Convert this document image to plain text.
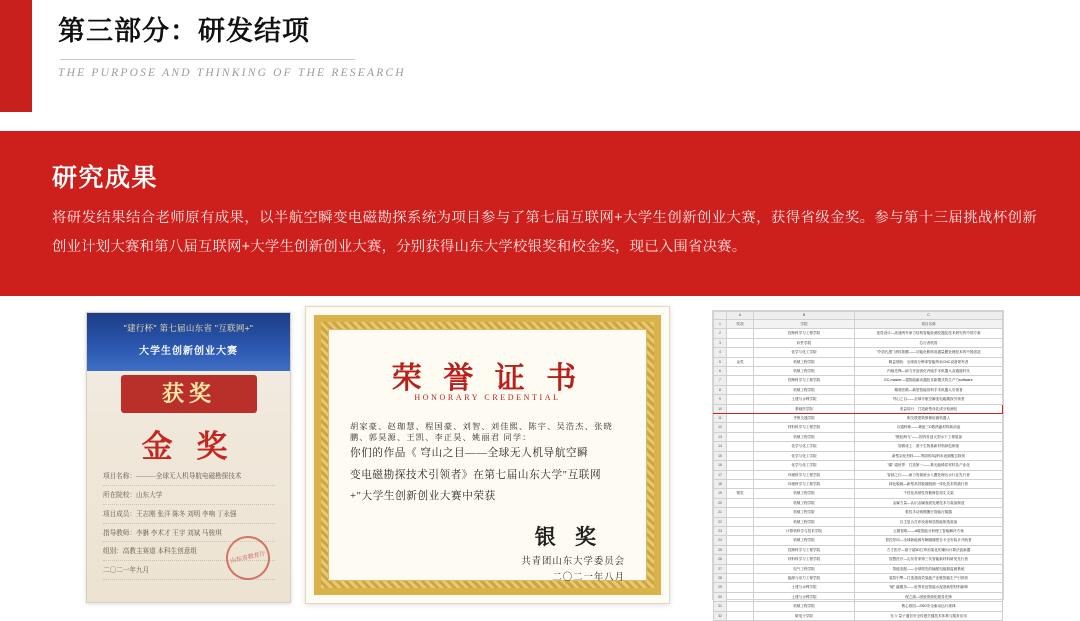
第三部分：研发结项
THE PURPOSE AND THINKING OF THE RESEARCH
研究成果
将研发结果结合老师原有成果，以半航空瞬变电磁勘探系统为项目参与了第七届互联网+大学生创新创业大赛，获得省级金奖。参与第十三届挑战杯创新创业计划大赛和第八届互联网+大学生创新创业大赛，分别获得山东大学校银奖和校金奖，现已入围省决赛。
"建行杯" 第七届山东省 "互联网+"
大学生创新创业大赛
获奖
金 奖
项目名称：———全球无人机导航电磁勘探技术
所在院校：山东大学
项目成员：王志刚 张洋 陈冬 刘明 李响 丁永强
指导教师：李貅 李术才 王宇 刘斌 马骏琪
组别：高教主赛道 本科生创意组
二〇二一年九月
山东省教育厅
荣 誉 证 书
HONORARY CREDENTIAL
胡家豪、赵珈慧、程国豪、刘智、刘佳熙、陈宇、吴浩杰、张晓鹏、郭昊源、王凯、李正昊、姚丽君 同学：
你们的作品《 穹山之目——全球无人机导航空瞬
变电磁勘探技术引领者》在第七届山东大学"互联网
+"大学生创新创业大赛中荣获
银 奖
共青团山东大学委员会
二〇二一年八月
	A	B	C
1	奖项	学院	项目名称
2		控制科学与工程学院	视觉设计—高速列车承力结构智能检测仪器及技术研究的中国方案
3		软件学院	芯行者机智
4		化学与化工学院	"介质孔感" 固体基膜——功能化修饰高通量膜处理技术的中国创造
5	金奖	机械工程学院	精益领航：全球高分辨率智能纳米CNC设备领军者
6		机械工程学院	内镜先锋—助力开创消化内镜手术机器人双通道时代
7		控制科学与工程学院	EC-master—超智能驱动器技术新模式的生产力software
8		机械工程学院	精准医路—新型智能骨科手术机器人引领者
9		土建与水利学院	穹山之目——全球半航空瞬变电磁勘探引领者
10		基础医学院	美益同行：打造新型母乳成分检测仪
11		齐鲁交通学院	职交联建筑维修检测机器人
12		材料科学与工程学院	百通科修——兼备三D数热悬材料新前途
13		机械工程学院	"链轮海飞"——国内首创大型水下工程装备
14		化学与化工学院	智微成上：基于生物基新材料绿色制备
15		化学与化工学院	新型杂化材料——界面的3Q纳米表面酸去除剂
16		化学与化工学院	"碳" 索世界：打造第一——系光能烯炭材料及产业化
17		环境科学与工程学院	智绿之行——助力有源废水入膜处理污水行业先行者
18		环境科学与工程学院	绿色脱硫—新型高效脱硫脱硝一体化技术的践行者
19	银奖	机械工程学院	个性化高韧性骨骼修复再生支架
20		机械工程学院	金属力量—认识金属表面处理技术与装备制造
21		机械工程学院	柔性手动规模搬行智能行爬器
22		机械工程学院	自主复合打印设备制造智能制造装备
23		计算机科学与技术学院	云图智联——A级智能分析理工智能解决方案
24		机械工程学院	智控导向—全球新能源车辆碰撞预告卡全安装计开航者
25		控制科学与工程学院	方寸医疗—基于超3D打印形架化的兼向计算法创新器
26		材料科学与工程学院	智慧医疗—山东首家第三代智能新材料研发先行者
27		电气工程学院	智能变配——全球领先的输配电能源监测系统
28		能源与动力工程学院	氢智引擎—打造超高效氢能产业链智能生产引领者
29		土建与水利学院	"硬" 融服务——世界首创智能水泥基新型材料新制
30		土建与水利学院	保之源—固废资源化服务先锋
31		机械工程学院	核心基因—SSD安全驱动运行规律
32		微电子学院	光斗·量子通信安全传感关键技术体系与服务应用
